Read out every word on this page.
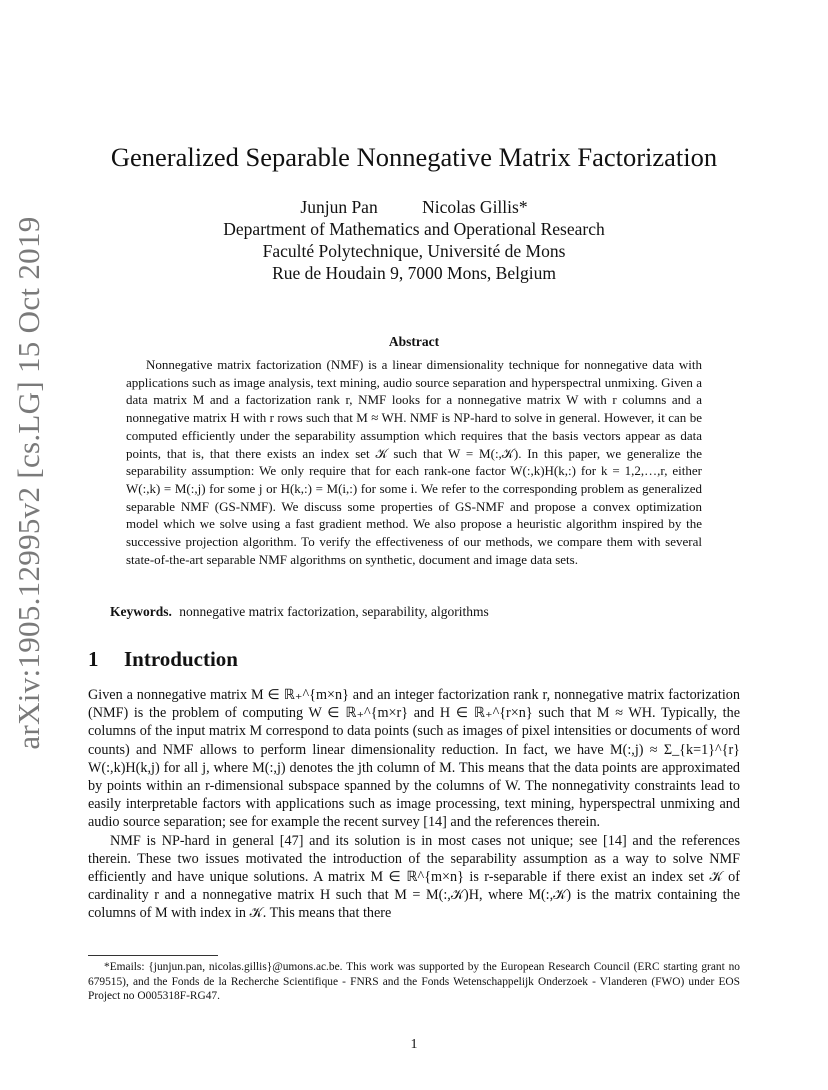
arXiv:1905.12995v2 [cs.LG] 15 Oct 2019
Generalized Separable Nonnegative Matrix Factorization
Junjun Pan	Nicolas Gillis*
Department of Mathematics and Operational Research
Faculté Polytechnique, Université de Mons
Rue de Houdain 9, 7000 Mons, Belgium
Abstract

Nonnegative matrix factorization (NMF) is a linear dimensionality technique for nonnegative data with applications such as image analysis, text mining, audio source separation and hyperspectral unmixing. Given a data matrix M and a factorization rank r, NMF looks for a nonnegative matrix W with r columns and a nonnegative matrix H with r rows such that M ≈ WH. NMF is NP-hard to solve in general. However, it can be computed efficiently under the separability assumption which requires that the basis vectors appear as data points, that is, that there exists an index set 𝒦 such that W = M(:,𝒦). In this paper, we generalize the separability assumption: We only require that for each rank-one factor W(:,k)H(k,:) for k = 1,2,…,r, either W(:,k) = M(:,j) for some j or H(k,:) = M(i,:) for some i. We refer to the corresponding problem as generalized separable NMF (GS-NMF). We discuss some properties of GS-NMF and propose a convex optimization model which we solve using a fast gradient method. We also propose a heuristic algorithm inspired by the successive projection algorithm. To verify the effectiveness of our methods, we compare them with several state-of-the-art separable NMF algorithms on synthetic, document and image data sets.

Keywords. nonnegative matrix factorization, separability, algorithms
1 Introduction

Given a nonnegative matrix M ∈ ℝ₊^{m×n} and an integer factorization rank r, nonnegative matrix factorization (NMF) is the problem of computing W ∈ ℝ₊^{m×r} and H ∈ ℝ₊^{r×n} such that M ≈ WH. Typically, the columns of the input matrix M correspond to data points (such as images of pixel intensities or documents of word counts) and NMF allows to perform linear dimensionality reduction. In fact, we have M(:,j) ≈ Σ_{k=1}^{r} W(:,k)H(k,j) for all j, where M(:,j) denotes the jth column of M. This means that the data points are approximated by points within an r-dimensional subspace spanned by the columns of W. The nonnegativity constraints lead to easily interpretable factors with applications such as image processing, text mining, hyperspectral unmixing and audio source separation; see for example the recent survey [14] and the references therein.

NMF is NP-hard in general [47] and its solution is in most cases not unique; see [14] and the references therein. These two issues motivated the introduction of the separability assumption as a way to solve NMF efficiently and have unique solutions. A matrix M ∈ ℝ^{m×n} is r-separable if there exist an index set 𝒦 of cardinality r and a nonnegative matrix H such that M = M(:,𝒦)H, where M(:,𝒦) is the matrix containing the columns of M with index in 𝒦. This means that there

*Emails: {junjun.pan, nicolas.gillis}@umons.ac.be. This work was supported by the European Research Council (ERC starting grant no 679515), and the Fonds de la Recherche Scientifique - FNRS and the Fonds Wetenschappelijk Onderzoek - Vlanderen (FWO) under EOS Project no O005318F-RG47.

1
